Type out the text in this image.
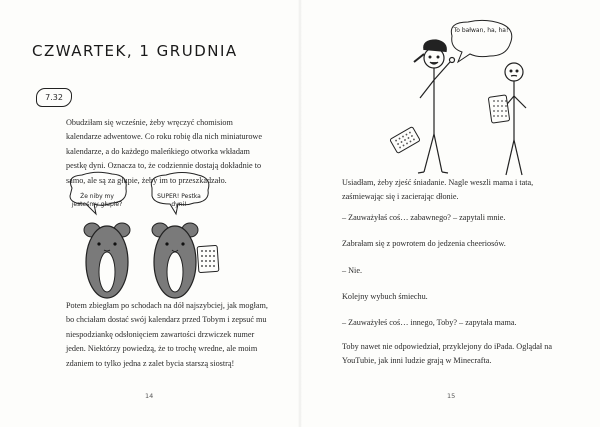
CZWARTEK, 1 GRUDNIA
7.32

Obudziłam się wcześnie, żeby wręczyć chomisiom kalendarze adwentowe. Co roku robię dla nich miniaturowe kalendarze, a do każdego maleńkiego otworka wkładam pestkę dyni. Oznacza to, że codziennie dostają dokładnie to samo, ale są za głupie, żeby im to przeszkadzało.

Że niby my jesteśmy głupie?
SUPER! Pestka dyni!

Potem zbiegłam po schodach na dół najszybciej, jak mogłam, bo chciałam dostać swój kalendarz przed Tobym i zepsuć mu niespodziankę odsłonięciem zawartości drzwiczek numer jeden. Niektórzy powiedzą, że to trochę wredne, ale moim zdaniem to tylko jedna z zalet bycia starszą siostrą!

14
To bałwan, ha, ha!

Usiadłam, żeby zjeść śniadanie. Nagle weszli mama i tata, zaśmiewając się i zacierając dłonie.

– Zauważyłaś coś… zabawnego? – zapytali mnie.

Zabrałam się z powrotem do jedzenia cheeriosów.

– Nie.

Kolejny wybuch śmiechu.

– Zauważyłeś coś… innego, Toby? – zapytała mama.

Toby nawet nie odpowiedział, przyklejony do iPada. Oglądał na YouTubie, jak inni ludzie grają w Minecrafta.

15
